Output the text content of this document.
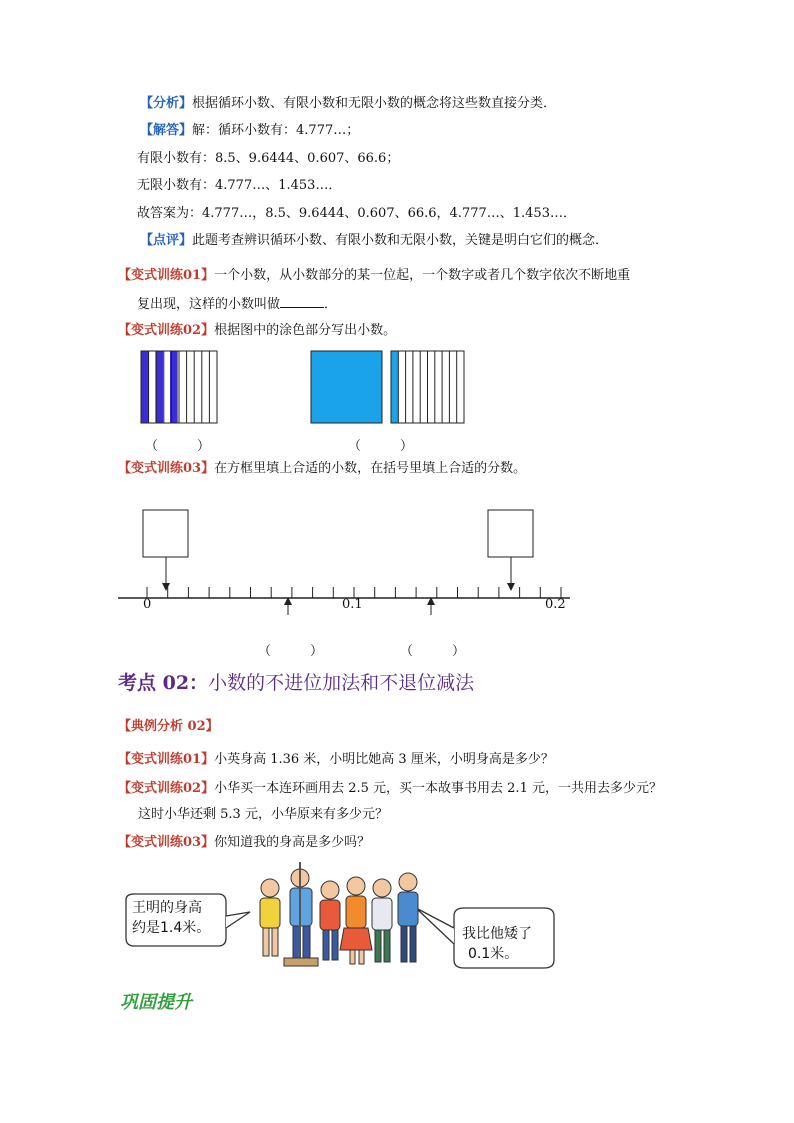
【分析】根据循环小数、有限小数和无限小数的概念将这些数直接分类．
【解答】解：循环小数有：4.777…；
有限小数有：8.5、9.6444、0.607、66.6；
无限小数有：4.777…、1.453…．
故答案为：4.777…，8.5、9.6444、0.607、66.6，4.777…、1.453…．
【点评】此题考查辨识循环小数、有限小数和无限小数，关键是明白它们的概念．
【变式训练01】一个小数，从小数部分的某一位起，一个数字或者几个数字依次不断地重
复出现，这样的小数叫做	．
【变式训练02】根据图中的涂色部分写出小数。
（　　　）	（　　　）
【变式训练03】在方框里填上合适的小数，在括号里填上合适的分数。
0	0.1	0.2
（　　　）	（　　　）
考点 02：小数的不进位加法和不退位减法
【典例分析 02】
【变式训练01】小英身高 1.36 米，小明比她高 3 厘米，小明身高是多少？
【变式训练02】小华买一本连环画用去 2.5 元，买一本故事书用去 2.1 元，一共用去多少元？
这时小华还剩 5.3 元，小华原来有多少元？
【变式训练03】你知道我的身高是多少吗？
王明的身高
约是1.4米。	我比他矮了
0.1米。
巩固提升
